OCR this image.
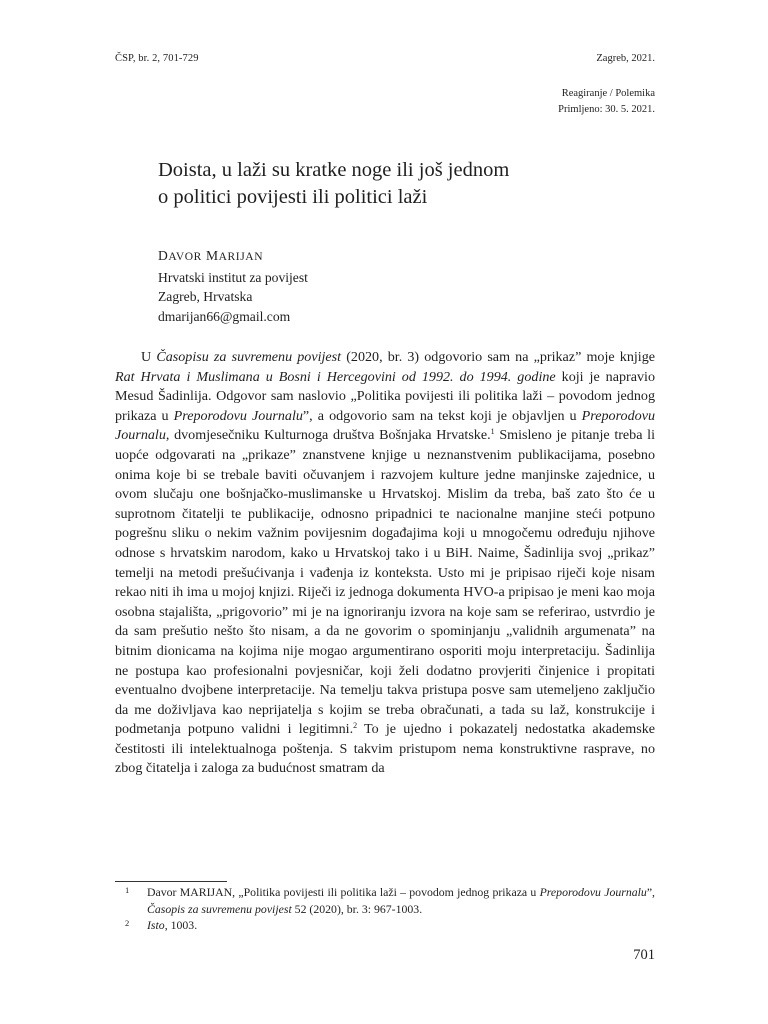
ČSP, br. 2, 701-729	Zagreb, 2021.
Reagiranje / Polemika
Primljeno: 30. 5. 2021.
Doista, u laži su kratke noge ili još jednom
o politici povijesti ili politici laži
DAVOR MARIJAN
Hrvatski institut za povijest
Zagreb, Hrvatska
dmarijan66@gmail.com

U Časopisu za suvremenu povijest (2020, br. 3) odgovorio sam na „prikaz” moje knjige Rat Hrvata i Muslimana u Bosni i Hercegovini od 1992. do 1994. godine koji je napravio Mesud Šadinlija. Odgovor sam naslovio „Politika povijesti ili politika laži – povodom jednog prikaza u Preporodovu Journalu”, a odgovorio sam na tekst koji je objavljen u Preporodovu Journalu, dvomjesečniku Kulturnoga društva Bošnjaka Hrvatske.$^1$ Smisleno je pitanje treba li uopće odgovarati na „prikaze” znanstvene knjige u neznanstvenim publikacijama, posebno onima koje bi se trebale baviti očuvanjem i razvojem kulture jedne manjinske zajednice, u ovom slučaju one bošnjačko-muslimanske u Hrvatskoj. Mislim da treba, baš zato što će u suprotnom čitatelji te publikacije, odnosno pripadnici te nacionalne manjine steći potpuno pogrešnu sliku o nekim važnim povijesnim događajima koji u mnogočemu određuju njihove odnose s hrvatskim narodom, kako u Hrvatskoj tako i u BiH. Naime, Šadinlija svoj „prikaz” temelji na metodi prešućivanja i vađenja iz konteksta. Usto mi je pripisao riječi koje nisam rekao niti ih ima u mojoj knjizi. Riječi iz jednoga dokumenta HVO-a pripisao je meni kao moja osobna stajališta, „prigovorio” mi je na ignoriranju izvora na koje sam se referirao, ustvrdio je da sam prešutio nešto što nisam, a da ne govorim o spominjanju „validnih argumenata” na bitnim dionicama na kojima nije mogao argumentirano osporiti moju interpretaciju. Šadinlija ne postupa kao profesionalni povjesničar, koji želi dodatno provjeriti činjenice i propitati eventualno dvojbene interpretacije. Na temelju takva pristupa posve sam utemeljeno zaključio da me doživljava kao neprijatelja s kojim se treba obračunati, a tada su laž, konstrukcije i podmetanja potpuno validni i legitimni.$^2$ To je ujedno i pokazatelj nedostatka akademske čestitosti ili intelektualnoga poštenja. S takvim pristupom nema konstruktivne rasprave, no zbog čitatelja i zaloga za budućnost smatram da

1 Davor MARIJAN, „Politika povijesti ili politika laži – povodom jednog prikaza u Preporodovu Journalu”, Časopis za suvremenu povijest 52 (2020), br. 3: 967-1003.
2 Isto, 1003.
701
